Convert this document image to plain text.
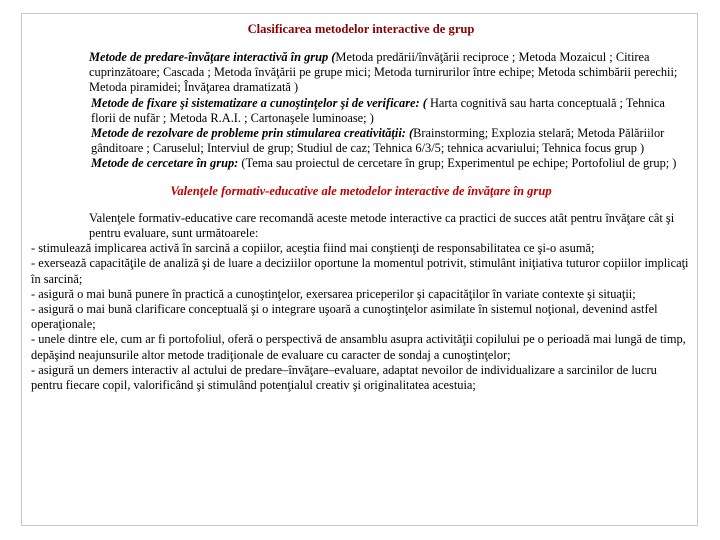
Clasificarea metodelor interactive de grup

Metode de predare-învăţare interactivă în grup (Metoda predării/învăţării reciproce ; Metoda Mozaicul ; Citirea cuprinzătoare; Cascada ; Metoda învăţării pe grupe mici; Metoda turnirurilor între echipe; Metoda schimbării perechii; Metoda piramidei; Învăţarea dramatizată )

Metode de fixare şi sistematizare a cunoştinţelor şi de verificare: ( Harta cognitivă sau harta conceptuală ; Tehnica florii de nufăr ; Metoda R.A.I. ; Cartonaşele luminoase; )

Metode de rezolvare de probleme prin stimularea creativităţii: (Brainstorming; Explozia stelară; Metoda Pălăriilor gânditoare ; Caruselul; Interviul de grup; Studiul de caz; Tehnica 6/3/5; tehnica acvariului; Tehnica focus grup )

Metode de cercetare în grup: (Tema sau proiectul de cercetare în grup; Experimentul pe echipe; Portofoliul de grup; )

Valenţele formativ-educative ale metodelor interactive de învăţare în grup

Valenţele formativ-educative care recomandă aceste metode interactive ca practici de succes atât pentru învăţare cât şi pentru evaluare, sunt următoarele:

- stimulează implicarea activă în sarcină a copiilor, aceştia fiind mai conştienţi de responsabilitatea ce şi-o asumă;

- exersează capacităţile de analiză şi de luare a deciziilor oportune la momentul potrivit, stimulânt iniţiativa tuturor copiilor implicaţi în sarcină;

- asigură o mai bună punere în practică a cunoştinţelor, exersarea priceperilor şi capacităţilor în variate contexte şi situaţii;

- asigură o mai bună clarificare conceptuală şi o integrare uşoară a cunoştinţelor asimilate în sistemul noţional, devenind astfel operaţionale;

- unele dintre ele, cum ar fi portofoliul, oferă o perspectivă de ansamblu asupra activităţii copilului pe o perioadă mai lungă de timp, depăşind neajunsurile altor metode tradiţionale de evaluare cu caracter de sondaj a cunoştinţelor;

- asigură un demers interactiv al actului de predare–învăţare–evaluare, adaptat nevoilor de individualizare a sarcinilor de lucru pentru fiecare copil, valorificând şi stimulând potenţialul creativ şi originalitatea acestuia;
